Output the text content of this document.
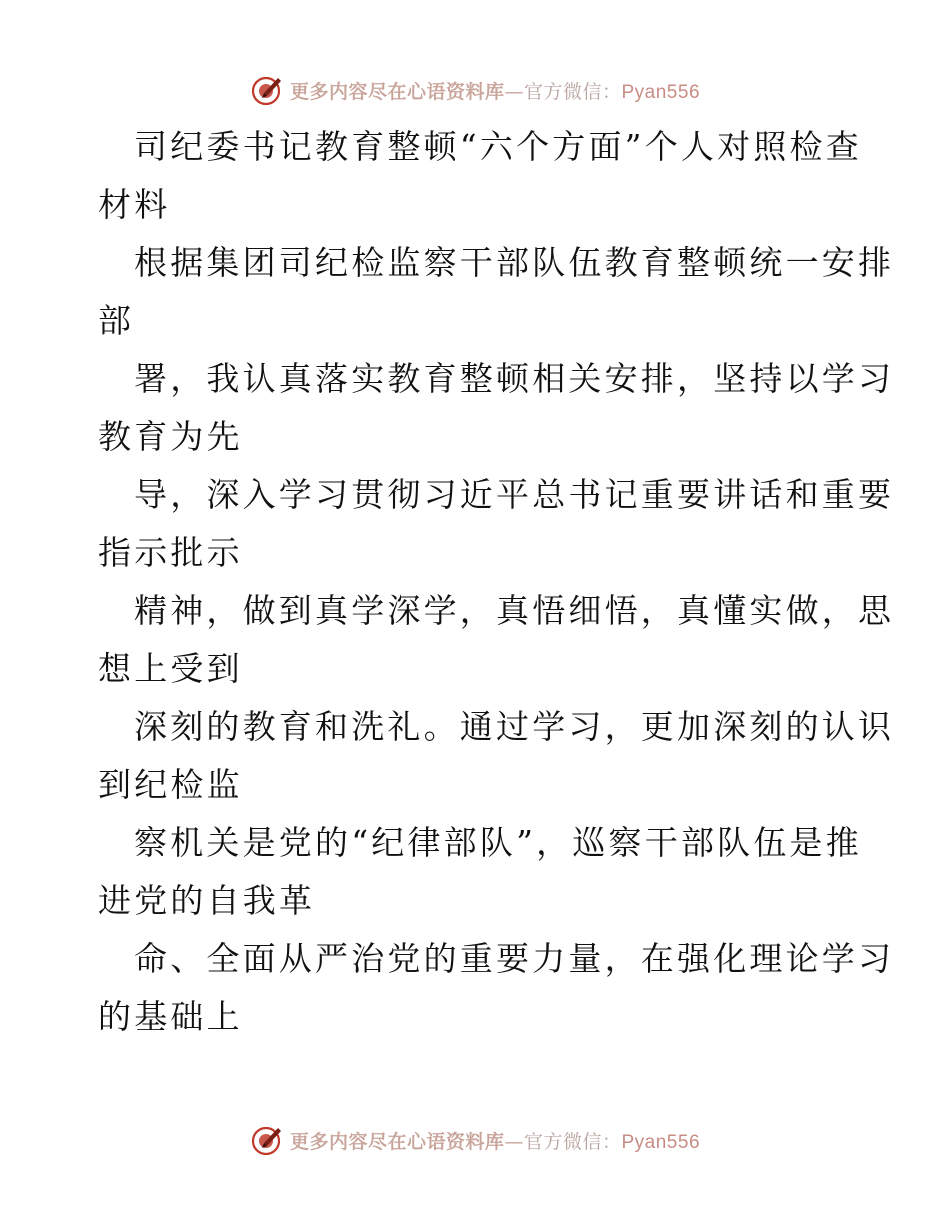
更多内容尽在心语资料库—官方微信：Pyan556
司纪委书记教育整顿“六个方面”个人对照检查
材料
根据集团司纪检监察干部队伍教育整顿统一安排
部
署，我认真落实教育整顿相关安排，坚持以学习
教育为先
导，深入学习贯彻习近平总书记重要讲话和重要
指示批示
精神，做到真学深学，真悟细悟，真懂实做，思
想上受到
深刻的教育和洗礼。通过学习，更加深刻的认识
到纪检监
察机关是党的“纪律部队”，巡察干部队伍是推
进党的自我革
命、全面从严治党的重要力量，在强化理论学习
的基础上
更多内容尽在心语资料库—官方微信：Pyan556
